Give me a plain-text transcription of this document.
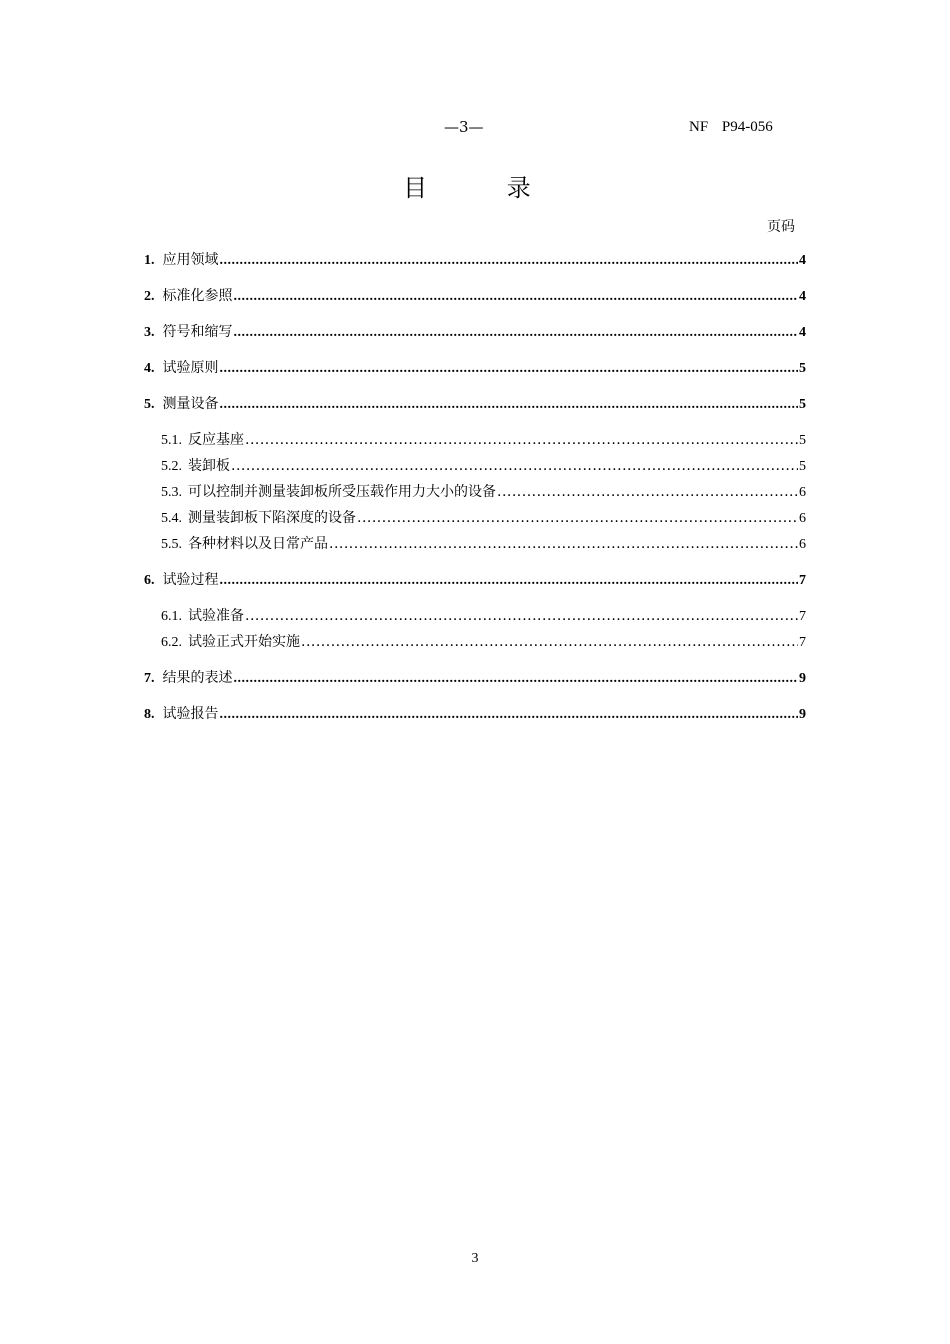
—3—	NF P94-056
目 录
页码
1. 应用领域 .....	4
2. 标准化参照 .....	4
3. 符号和缩写 .....	4
4. 试验原则 .....	5
5. 测量设备 .....	5
5.1. 反应基座 .....	5
5.2. 装卸板 .....	5
5.3. 可以控制并测量装卸板所受压载作用力大小的设备 .....	6
5.4. 测量装卸板下陷深度的设备 .....	6
5.5. 各种材料以及日常产品 .....	6
6. 试验过程 .....	7
6.1. 试验准备 .....	7
6.2. 试验正式开始实施 .....	7
7. 结果的表述 .....	9
8. 试验报告 .....	9
3
